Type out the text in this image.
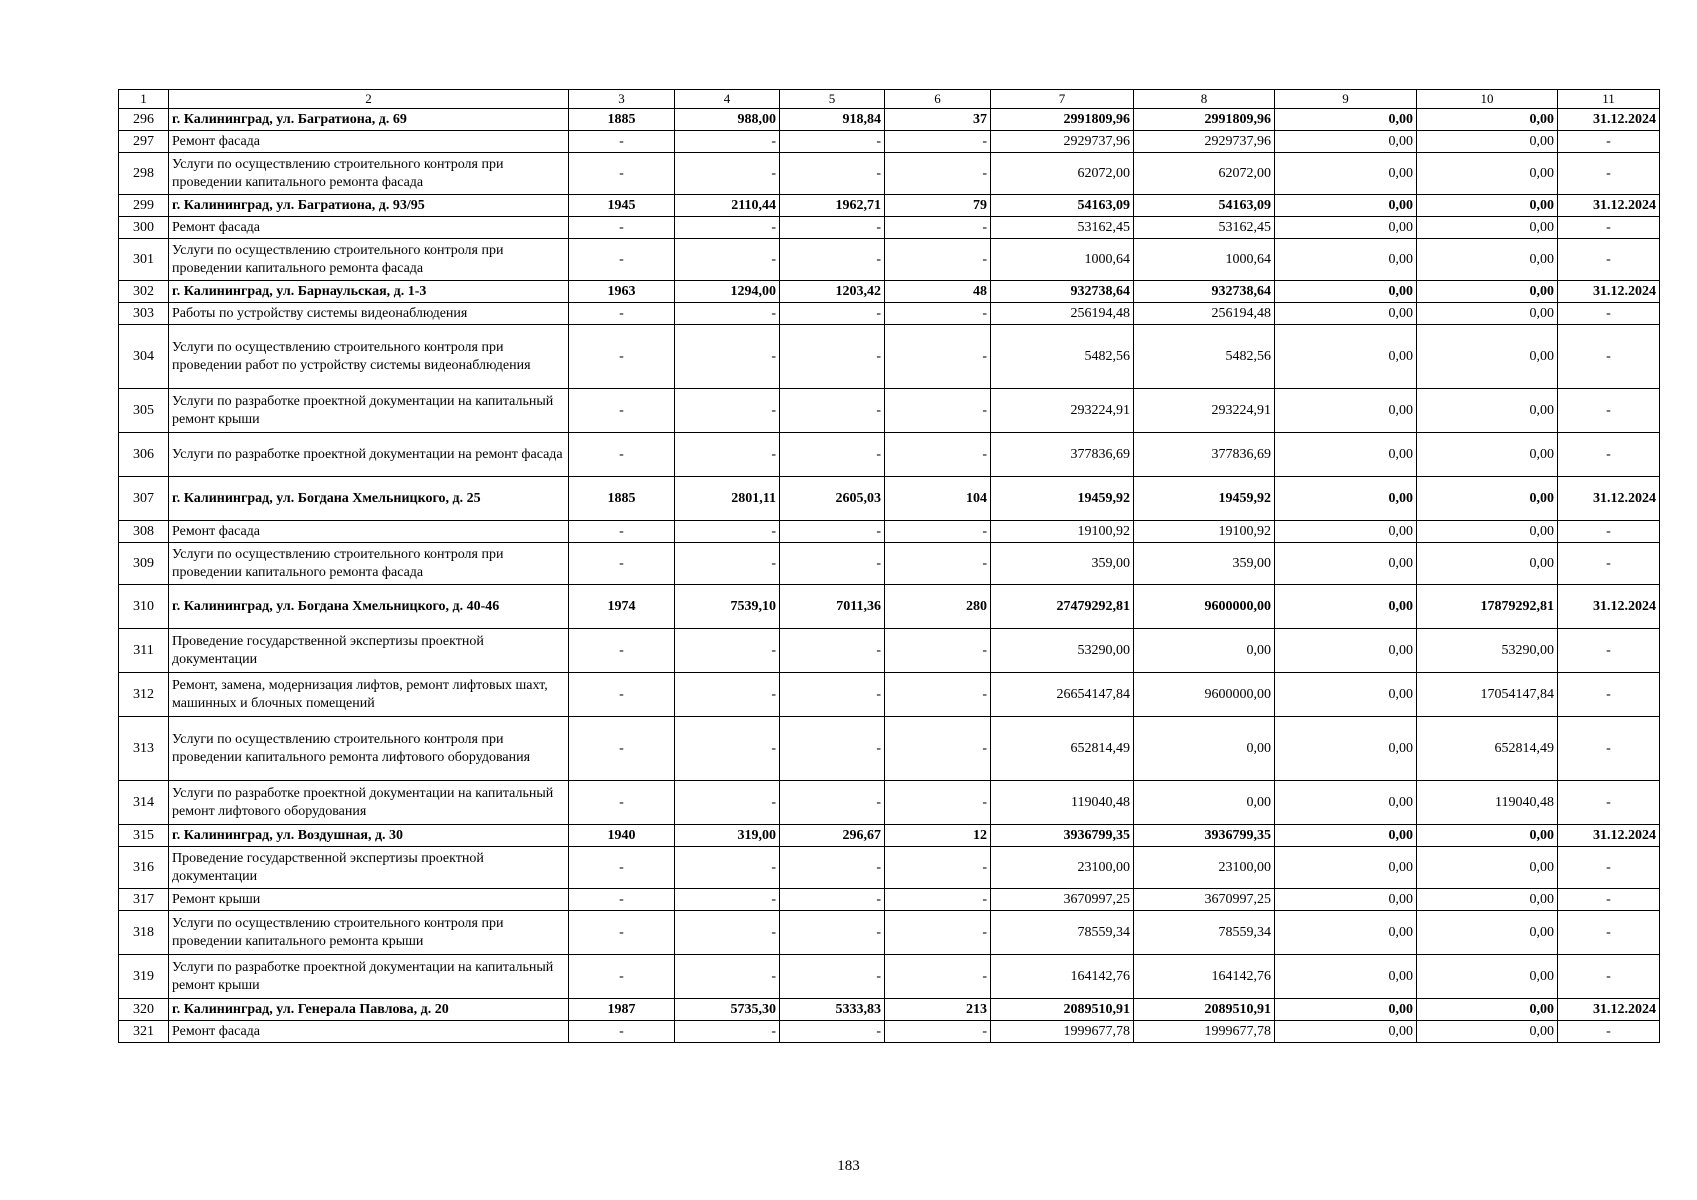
1	2	3	4	5	6	7	8	9	10	11
296	г. Калининград, ул. Багратиона, д. 69	1885	988,00	918,84	37	2991809,96	2991809,96	0,00	0,00	31.12.2024
297	Ремонт фасада	-	-	-	-	2929737,96	2929737,96	0,00	0,00	-
298	Услуги по осуществлению строительного контроля при проведении капитального ремонта фасада	-	-	-	-	62072,00	62072,00	0,00	0,00	-
299	г. Калининград, ул. Багратиона, д. 93/95	1945	2110,44	1962,71	79	54163,09	54163,09	0,00	0,00	31.12.2024
300	Ремонт фасада	-	-	-	-	53162,45	53162,45	0,00	0,00	-
301	Услуги по осуществлению строительного контроля при проведении капитального ремонта фасада	-	-	-	-	1000,64	1000,64	0,00	0,00	-
302	г. Калининград, ул. Барнаульская, д. 1-3	1963	1294,00	1203,42	48	932738,64	932738,64	0,00	0,00	31.12.2024
303	Работы по устройству системы видеонаблюдения	-	-	-	-	256194,48	256194,48	0,00	0,00	-
304	Услуги по осуществлению строительного контроля при проведении работ по устройству системы видеонаблюдения	-	-	-	-	5482,56	5482,56	0,00	0,00	-
305	Услуги по разработке проектной документации на капитальный ремонт крыши	-	-	-	-	293224,91	293224,91	0,00	0,00	-
306	Услуги по разработке проектной документации на ремонт фасада	-	-	-	-	377836,69	377836,69	0,00	0,00	-
307	г. Калининград, ул. Богдана Хмельницкого, д. 25	1885	2801,11	2605,03	104	19459,92	19459,92	0,00	0,00	31.12.2024
308	Ремонт фасада	-	-	-	-	19100,92	19100,92	0,00	0,00	-
309	Услуги по осуществлению строительного контроля при проведении капитального ремонта фасада	-	-	-	-	359,00	359,00	0,00	0,00	-
310	г. Калининград, ул. Богдана Хмельницкого, д. 40-46	1974	7539,10	7011,36	280	27479292,81	9600000,00	0,00	17879292,81	31.12.2024
311	Проведение государственной экспертизы проектной документации	-	-	-	-	53290,00	0,00	0,00	53290,00	-
312	Ремонт, замена, модернизация лифтов, ремонт лифтовых шахт, машинных и блочных помещений	-	-	-	-	26654147,84	9600000,00	0,00	17054147,84	-
313	Услуги по осуществлению строительного контроля при проведении капитального ремонта лифтового оборудования	-	-	-	-	652814,49	0,00	0,00	652814,49	-
314	Услуги по разработке проектной документации на капитальный ремонт лифтового оборудования	-	-	-	-	119040,48	0,00	0,00	119040,48	-
315	г. Калининград, ул. Воздушная, д. 30	1940	319,00	296,67	12	3936799,35	3936799,35	0,00	0,00	31.12.2024
316	Проведение государственной экспертизы проектной документации	-	-	-	-	23100,00	23100,00	0,00	0,00	-
317	Ремонт крыши	-	-	-	-	3670997,25	3670997,25	0,00	0,00	-
318	Услуги по осуществлению строительного контроля при проведении капитального ремонта крыши	-	-	-	-	78559,34	78559,34	0,00	0,00	-
319	Услуги по разработке проектной документации на капитальный ремонт крыши	-	-	-	-	164142,76	164142,76	0,00	0,00	-
320	г. Калининград, ул. Генерала Павлова, д. 20	1987	5735,30	5333,83	213	2089510,91	2089510,91	0,00	0,00	31.12.2024
321	Ремонт фасада	-	-	-	-	1999677,78	1999677,78	0,00	0,00	-
183
